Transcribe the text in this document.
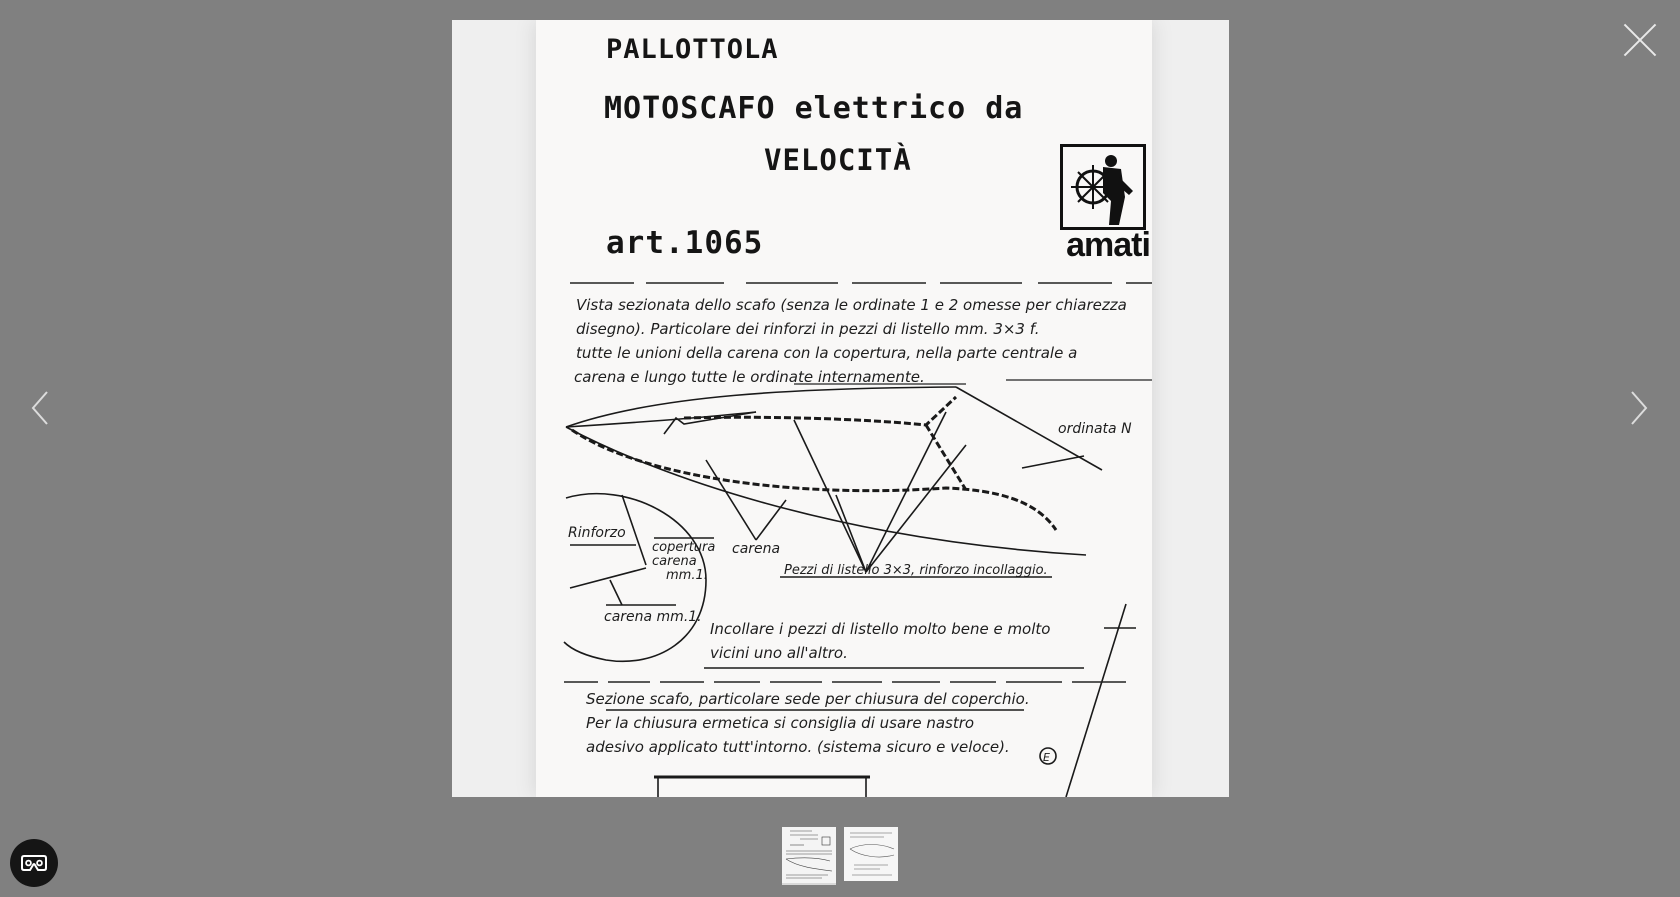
PALLOTTOLA
MOTOSCAFO elettrico da
VELOCITÀ
art.1065
Vista sezionata dello scafo (senza le ordinate 1 e 2 omesse per chiarezza
disegno). Particolare dei rinforzi in pezzi di listello mm. 3×3 f.
tutte le unioni della carena con la copertura, nella parte centrale a
carena e lungo tutte le ordinate internamente.
ordinata N
Rinforzo
copertura
carena
mm.1.
carena
Pezzi di listello 3×3, rinforzo incollaggio.
carena mm.1.
Incollare i pezzi di listello molto bene e molto
vicini uno all'altro.
Sezione scafo, particolare sede per chiusura del coperchio.
Per la chiusura ermetica si consiglia di usare nastro
adesivo applicato tutt'intorno. (sistema sicuro e veloce).
E
amati
